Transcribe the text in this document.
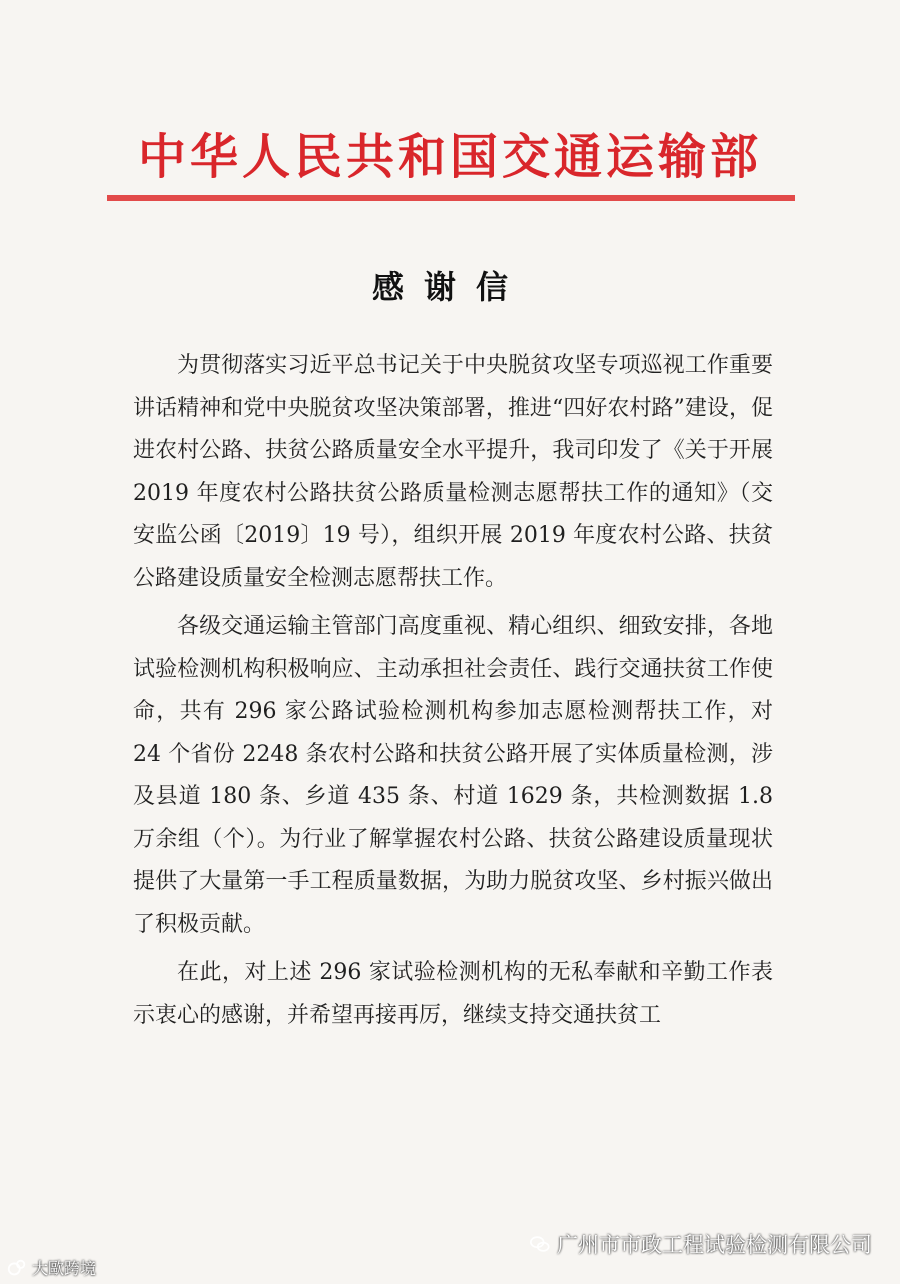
中华人民共和国交通运输部
感谢信

为贯彻落实习近平总书记关于中央脱贫攻坚专项巡视工作重要讲话精神和党中央脱贫攻坚决策部署，推进“四好农村路”建设，促进农村公路、扶贫公路质量安全水平提升，我司印发了《关于开展 2019 年度农村公路扶贫公路质量检测志愿帮扶工作的通知》（交安监公函〔2019〕19 号），组织开展 2019 年度农村公路、扶贫公路建设质量安全检测志愿帮扶工作。

各级交通运输主管部门高度重视、精心组织、细致安排，各地试验检测机构积极响应、主动承担社会责任、践行交通扶贫工作使命，共有 296 家公路试验检测机构参加志愿检测帮扶工作，对 24 个省份 2248 条农村公路和扶贫公路开展了实体质量检测，涉及县道 180 条、乡道 435 条、村道 1629 条，共检测数据 1.8 万余组（个）。为行业了解掌握农村公路、扶贫公路建设质量现状提供了大量第一手工程质量数据，为助力脱贫攻坚、乡村振兴做出了积极贡献。

在此，对上述 296 家试验检测机构的无私奉献和辛勤工作表示衷心的感谢，并希望再接再厉，继续支持交通扶贫工

大歐跨境
广州市市政工程试验检测有限公司
